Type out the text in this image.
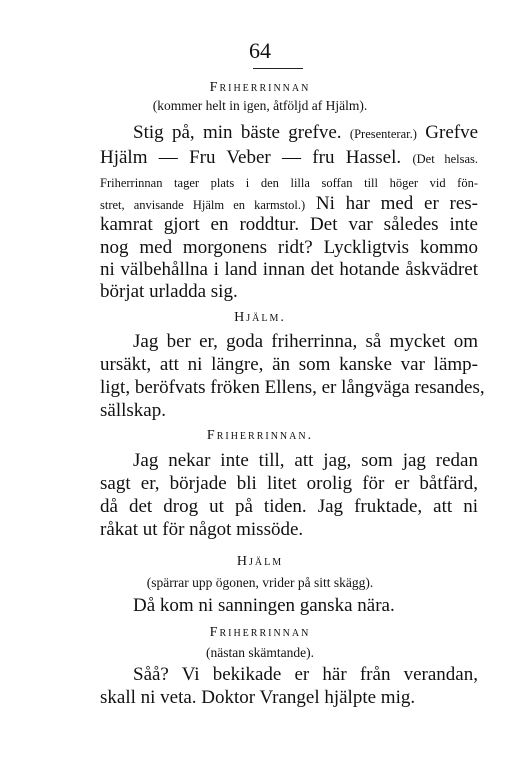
64
Friherrinnan
(kommer helt in igen, åtföljd af Hjälm).
Stig på, min bäste grefve. (Presenterar.) Grefve
Hjälm — Fru Veber — fru Hassel. (Det helsas.
Friherrinnan tager plats i den lilla soffan till höger vid fön-
stret, anvisande Hjälm en karmstol.) Ni har med er res-
kamrat gjort en roddtur. Det var således inte
nog med morgonens ridt? Lyckligtvis kommo
ni välbehållna i land innan det hotande åskvädret
börjat urladda sig.
Hjälm.
Jag ber er, goda friherrinna, så mycket om
ursäkt, att ni längre, än som kanske var lämp-
ligt, beröfvats fröken Ellens, er långväga resandes,
sällskap.
Friherrinnan.
Jag nekar inte till, att jag, som jag redan
sagt er, började bli litet orolig för er båtfärd,
då det drog ut på tiden. Jag fruktade, att ni
råkat ut för något missöde.
Hjälm
(spärrar upp ögonen, vrider på sitt skägg).
Då kom ni sanningen ganska nära.
Friherrinnan
(nästan skämtande).
Såå? Vi bekikade er här från verandan,
skall ni veta. Doktor Vrangel hjälpte mig.
